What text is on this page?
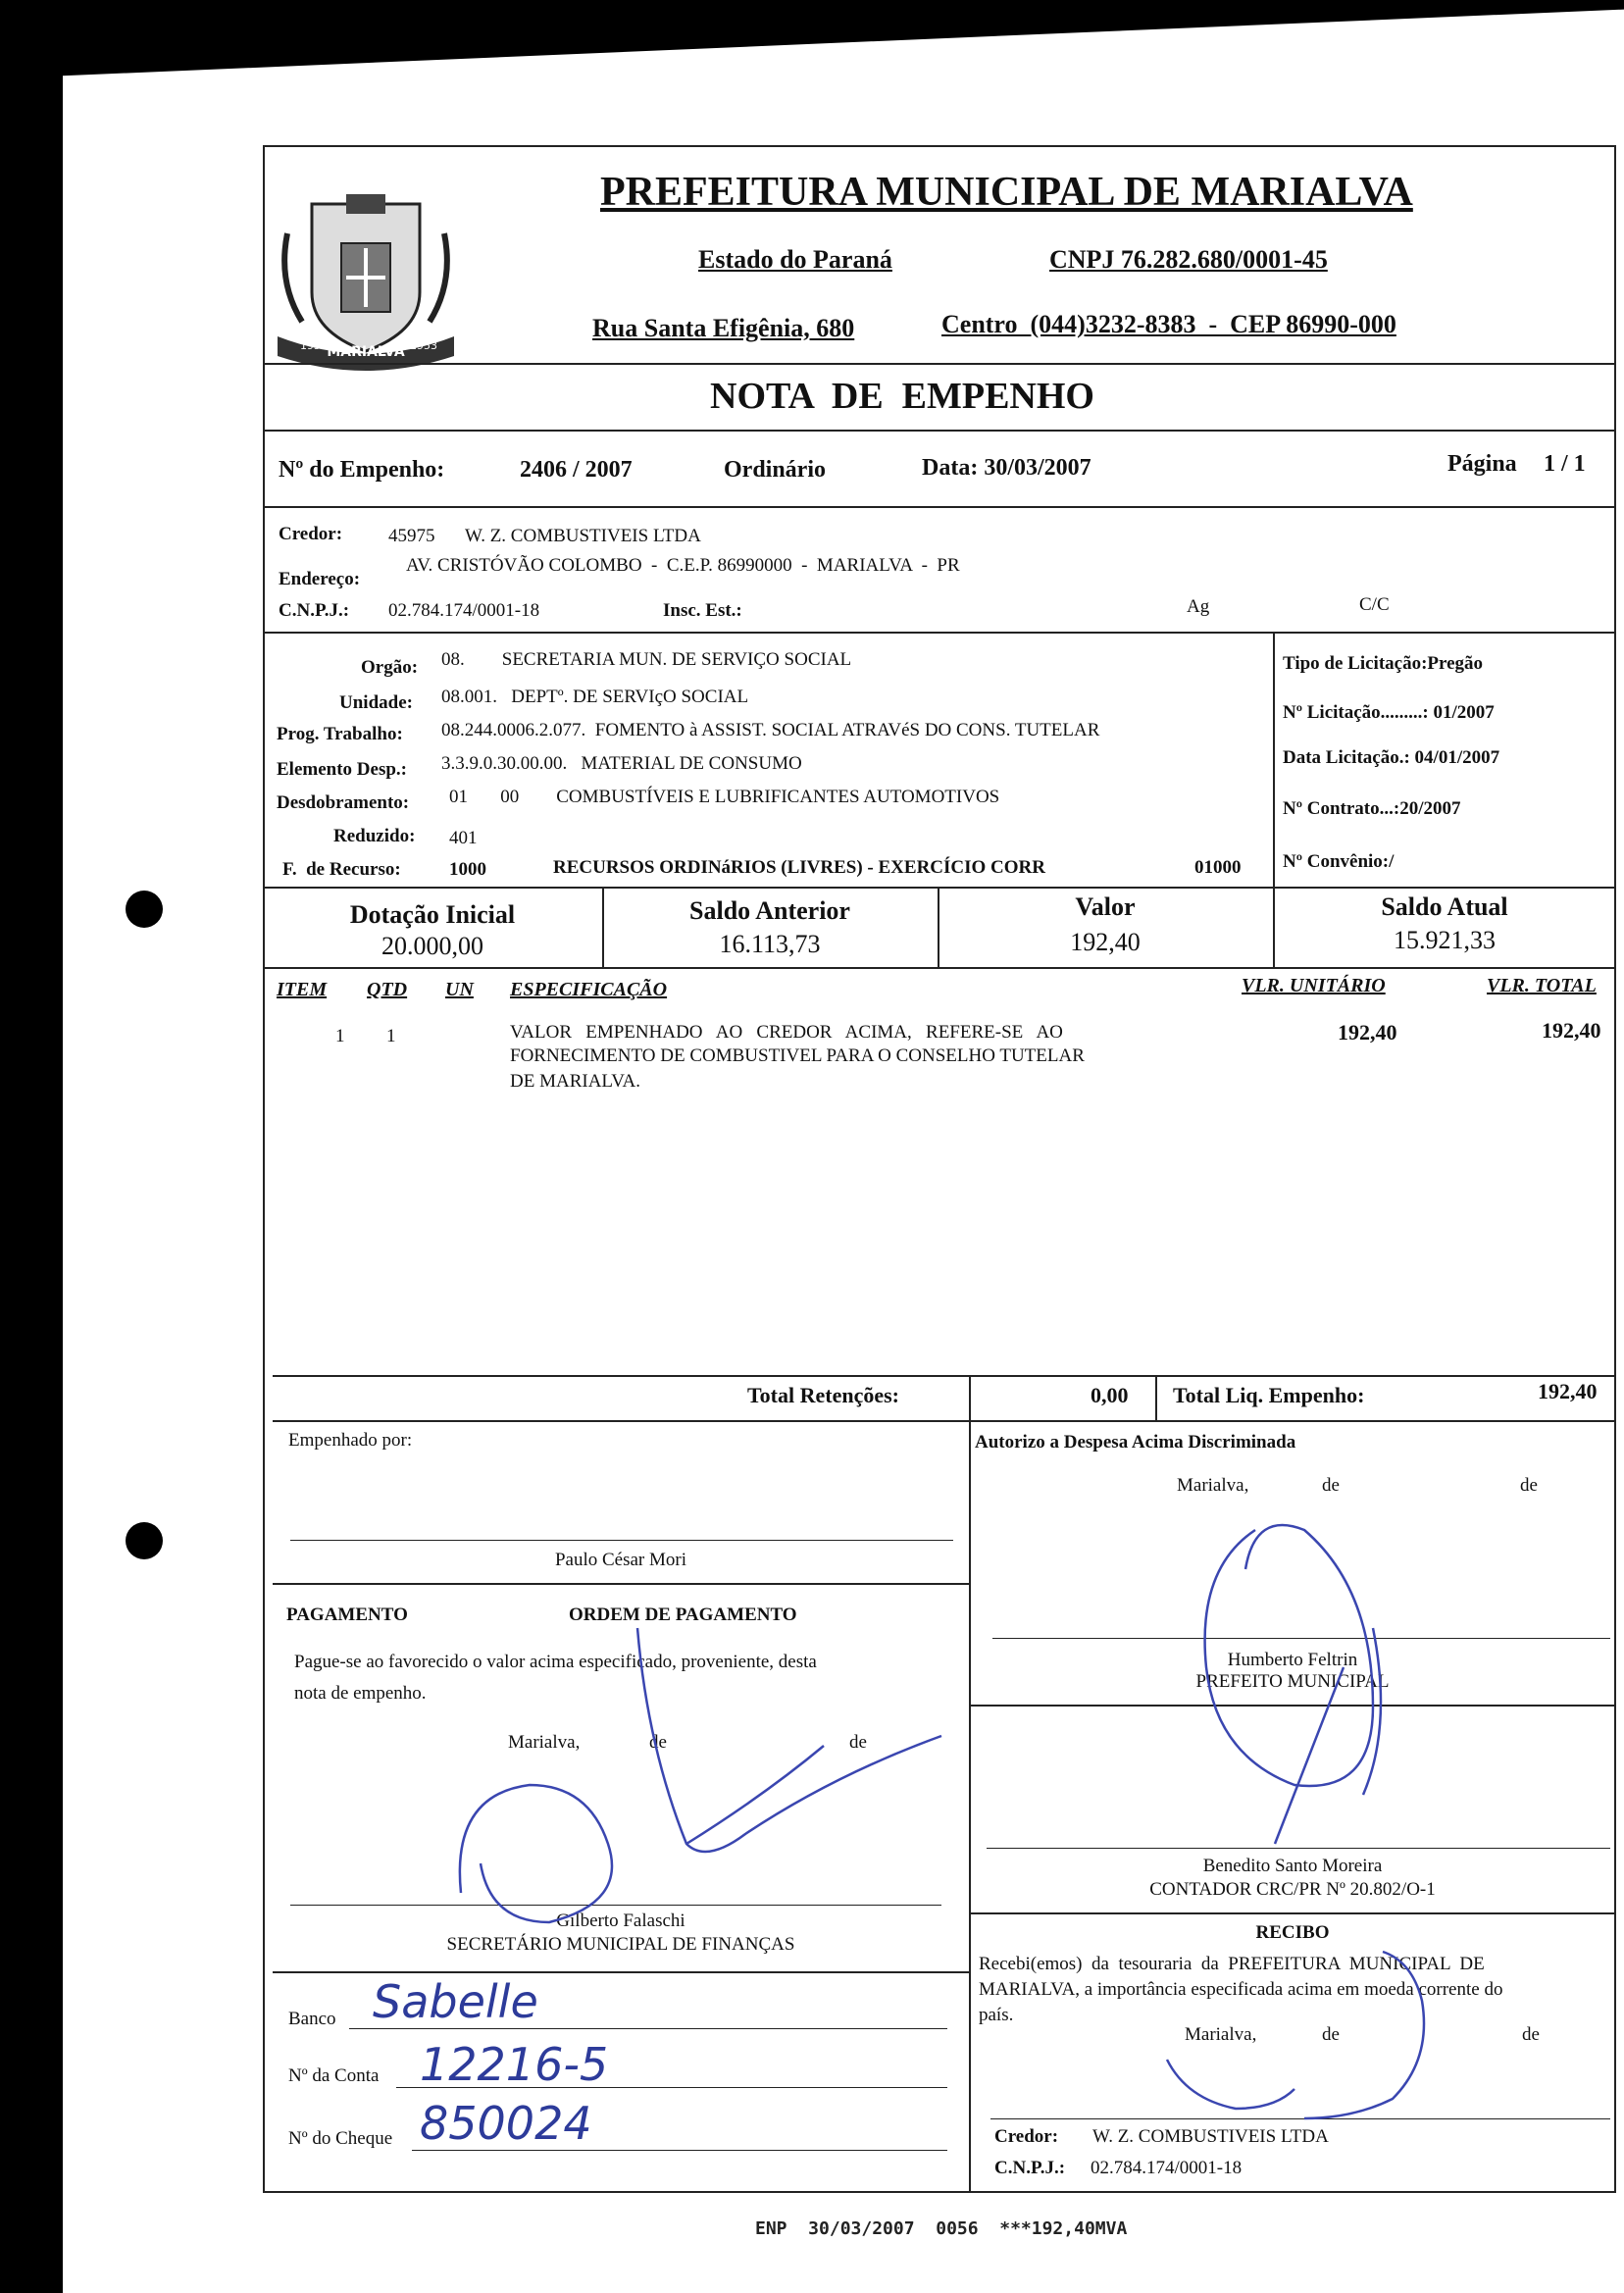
MARIALVA
1951	1953
PREFEITURA MUNICIPAL DE MARIALVA
Estado do Paraná	CNPJ 76.282.680/0001-45
Rua Santa Efigênia, 680	Centro  (044)3232-8383  -  CEP 86990-000
NOTA  DE  EMPENHO
Nº do Empenho:	2406 / 2007	Ordinário	Data: 30/03/2007	Página 1 / 1
Credor: 45975 W. Z. COMBUSTIVEIS LTDA
Endereço:
AV. CRISTÓVÃO COLOMBO  -  C.E.P. 86990000  -  MARIALVA  -  PR
C.N.P.J.: 02.784.174/0001-18	Insc. Est.:	Ag	C/C
Orgão: 08.        SECRETARIA MUN. DE SERVIÇO SOCIAL
Unidade: 08.001.   DEPTº. DE SERVIçO SOCIAL
Prog. Trabalho: 08.244.0006.2.077.  FOMENTO à ASSIST. SOCIAL ATRAVéS DO CONS. TUTELAR
Elemento Desp.: 3.3.9.0.30.00.00.   MATERIAL DE CONSUMO
Desdobramento: 01       00        COMBUSTÍVEIS E LUBRIFICANTES AUTOMOTIVOS
Reduzido: 401
F.  de Recurso:	1000	RECURSOS ORDINáRIOS (LIVRES) - EXERCÍCIO CORR	01000
Tipo de Licitação:Pregão
Nº Licitação.........: 01/2007
Data Licitação.: 04/01/2007
Nº Contrato...:20/2007
Nº Convênio:/
Dotação Inicial
20.000,00
Saldo Anterior
16.113,73
Valor
192,40
Saldo Atual
15.921,33
ITEM QTD UN ESPECIFICAÇÃO	VLR. UNITÁRIO	VLR. TOTAL
1 1	VALOR   EMPENHADO   AO   CREDOR   ACIMA,   REFERE-SE   AO
FORNECIMENTO DE COMBUSTIVEL PARA O CONSELHO TUTELAR
DE MARIALVA.
192,40	192,40
Total Retenções:	0,00 Total Liq. Empenho:	192,40
Empenhado por:
Paulo César Mori
Autorizo a Despesa Acima Discriminada
Marialva,	de	de
Humberto Feltrin
PREFEITO MUNICIPAL
Benedito Santo Moreira
CONTADOR CRC/PR Nº 20.802/O-1
PAGAMENTO	ORDEM DE PAGAMENTO
Pague-se ao favorecido o valor acima especificado, proveniente, desta
nota de empenho.
Marialva,	de	de
Gilberto Falaschi
SECRETÁRIO MUNICIPAL DE FINANÇAS
Banco Sabelle
Nº da Conta 12216-5
Nº do Cheque 850024
RECIBO
Recebi(emos)  da  tesouraria  da  PREFEITURA  MUNICIPAL  DE
MARIALVA, a importância especificada acima em moeda corrente do
país.
Marialva,	de	de
Credor: W. Z. COMBUSTIVEIS LTDA
C.N.P.J.: 02.784.174/0001-18
ENP  30/03/2007  0056  ***192,40MVA
